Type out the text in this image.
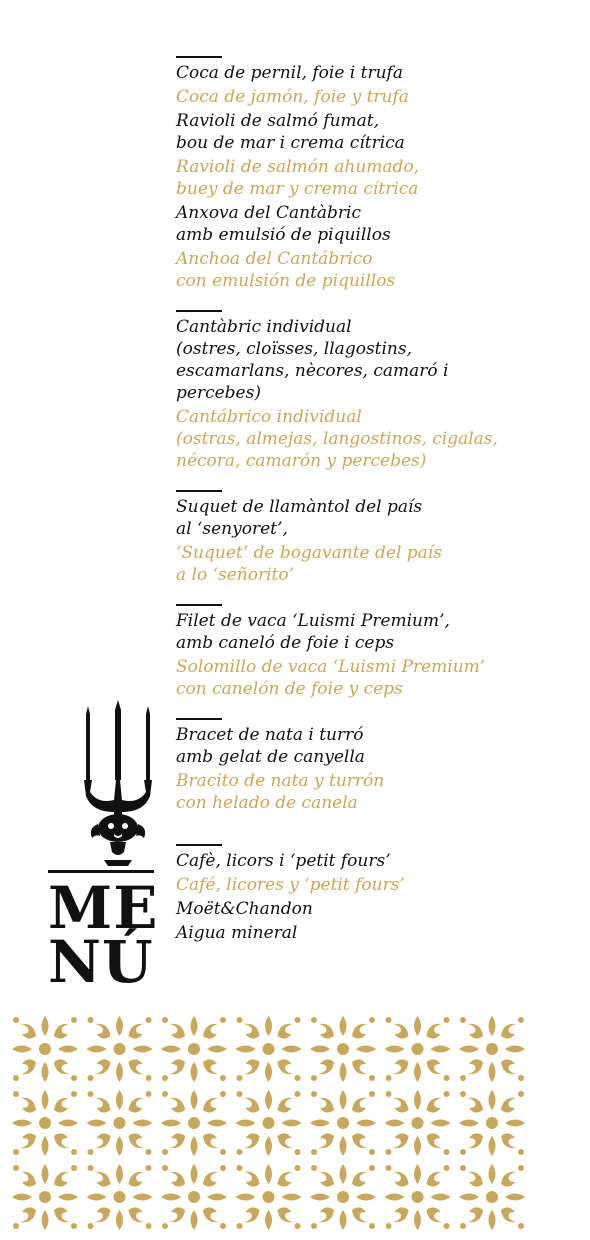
Coca de pernil, foie i trufa
Coca de jamón, foie y trufa
Ravioli de salmó fumat,
bou de mar i crema cítrica
Ravioli de salmón ahumado,
buey de mar y crema cítrica
Anxova del Cantàbric
amb emulsió de piquillos
Anchoa del Cantábrico
con emulsión de piquillos
Cantàbric individual
(ostres, cloïsses, llagostins,
escamarlans, nècores, camaró i
percebes)
Cantábrico individual
(ostras, almejas, langostinos, cigalas,
nécora, camarón y percebes)
Suquet de llamàntol del país
al ‘senyoret’,
‘Suquet’ de bogavante del país
a lo ‘señorito’
Filet de vaca ‘Luismi Premium’,
amb caneló de foie i ceps
Solomillo de vaca ‘Luismi Premium’
con canelón de foie y ceps
Bracet de nata i turró
amb gelat de canyella
Bracito de nata y turrón
con helado de canela
Cafè, licors i ‘petit fours’
Café, licores y ‘petit fours’
Moët&Chandon
Aigua mineral
ME
NÚ
